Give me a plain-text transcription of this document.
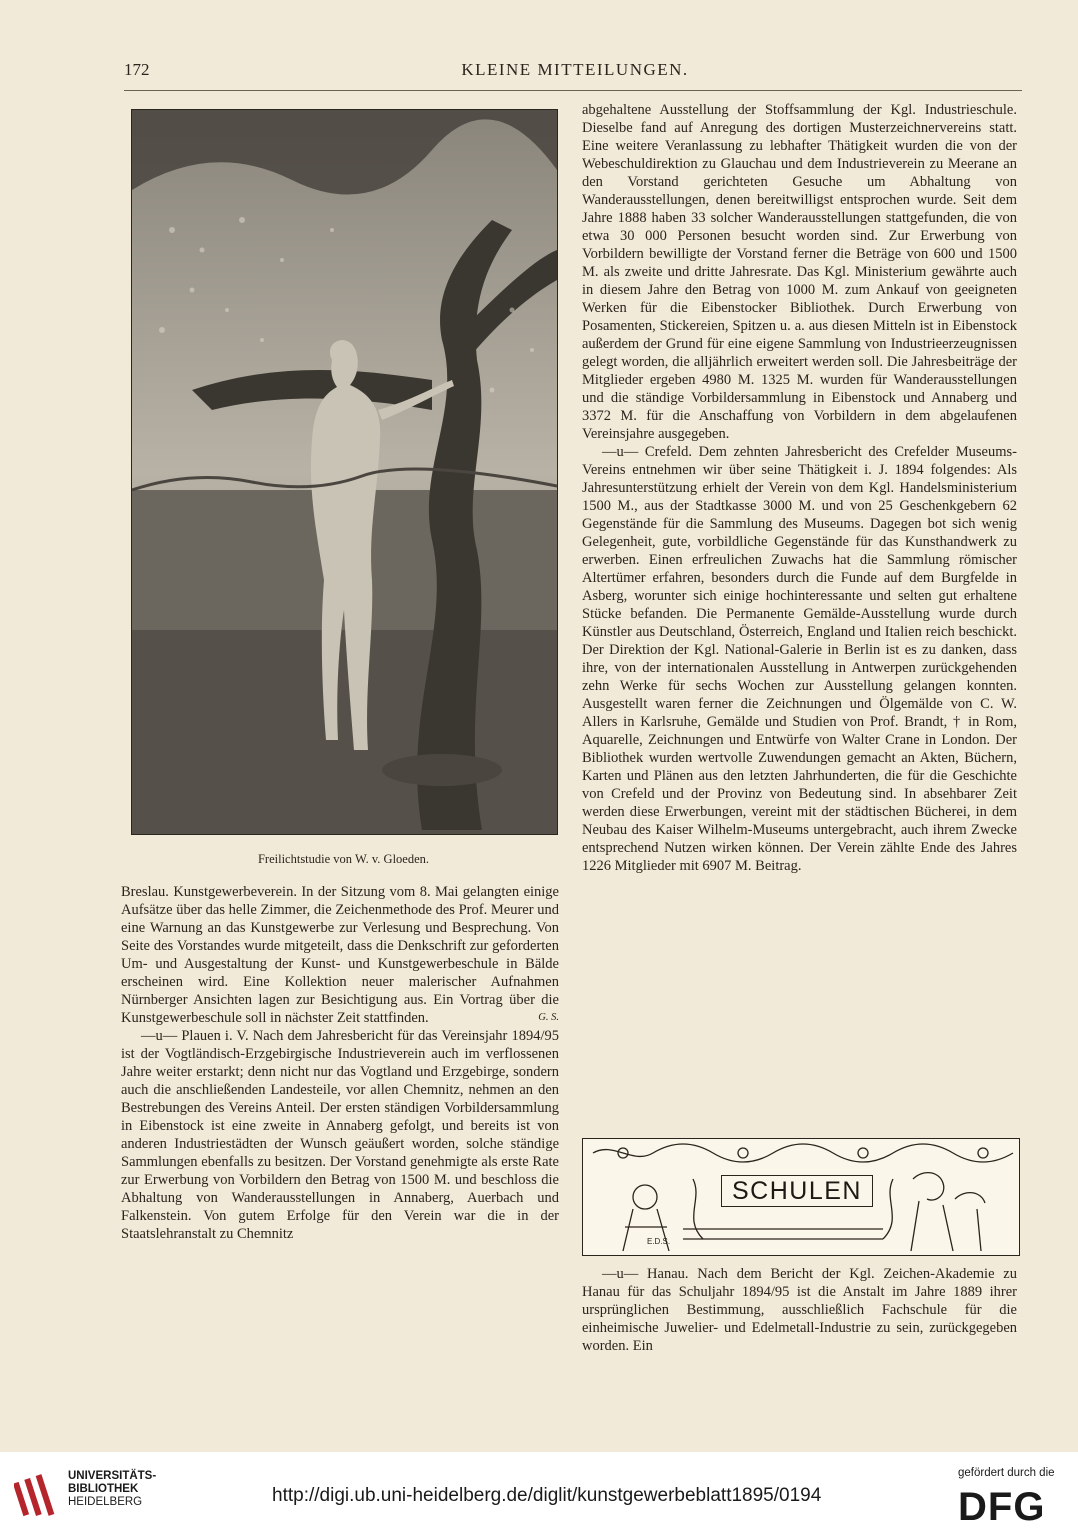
172	KLEINE MITTEILUNGEN.
Freilichtstudie von W. v. Gloeden.

Breslau. Kunstgewerbeverein. In der Sitzung vom 8. Mai gelangten einige Aufsätze über das helle Zimmer, die Zeichenmethode des Prof. Meurer und eine Warnung an das Kunstgewerbe zur Verlesung und Besprechung. Von Seite des Vorstandes wurde mitgeteilt, dass die Denkschrift zur geforderten Um- und Ausgestaltung der Kunst- und Kunstgewerbeschule in Bälde erscheinen wird. Eine Kollektion neuer malerischer Aufnahmen Nürnberger Ansichten lagen zur Besichtigung aus. Ein Vortrag über die Kunstgewerbeschule soll in nächster Zeit stattfinden.	G. S.

—u— Plauen i. V. Nach dem Jahresbericht für das Vereinsjahr 1894/95 ist der Vogtländisch-Erzgebirgische Industrieverein auch im verflossenen Jahre weiter erstarkt; denn nicht nur das Vogtland und Erzgebirge, sondern auch die anschließenden Landesteile, vor allen Chemnitz, nehmen an den Bestrebungen des Vereins Anteil. Der ersten ständigen Vorbildersammlung in Eibenstock ist eine zweite in Annaberg gefolgt, und bereits ist von anderen Industriestädten der Wunsch geäußert worden, solche ständige Sammlungen ebenfalls zu besitzen. Der Vorstand genehmigte als erste Rate zur Erwerbung von Vorbildern den Betrag von 1500 M. und beschloss die Abhaltung von Wanderausstellungen in Annaberg, Auerbach und Falkenstein. Von gutem Erfolge für den Verein war die in der Staatslehranstalt zu Chemnitz

abgehaltene Ausstellung der Stoffsammlung der Kgl. Industrieschule. Dieselbe fand auf Anregung des dortigen Musterzeichnervereins statt. Eine weitere Veranlassung zu lebhafter Thätigkeit wurden die von der Webeschuldirektion zu Glauchau und dem Industrieverein zu Meerane an den Vorstand gerichteten Gesuche um Abhaltung von Wanderausstellungen, denen bereitwilligst entsprochen wurde. Seit dem Jahre 1888 haben 33 solcher Wanderausstellungen stattgefunden, die von etwa 30 000 Personen besucht worden sind. Zur Erwerbung von Vorbildern bewilligte der Vorstand ferner die Beträge von 600 und 1500 M. als zweite und dritte Jahresrate. Das Kgl. Ministerium gewährte auch in diesem Jahre den Betrag von 1000 M. zum Ankauf von geeigneten Werken für die Eibenstocker Bibliothek. Durch Erwerbung von Posamenten, Stickereien, Spitzen u. a. aus diesen Mitteln ist in Eibenstock außerdem der Grund für eine eigene Sammlung von Industrieerzeugnissen gelegt worden, die alljährlich erweitert werden soll. Die Jahresbeiträge der Mitglieder ergeben 4980 M. 1325 M. wurden für Wanderausstellungen und die ständige Vorbildersammlung in Eibenstock und Annaberg und 3372 M. für die Anschaffung von Vorbildern in dem abgelaufenen Vereinsjahre ausgegeben.

—u— Crefeld. Dem zehnten Jahresbericht des Crefelder Museums-Vereins entnehmen wir über seine Thätigkeit i. J. 1894 folgendes: Als Jahresunterstützung erhielt der Verein von dem Kgl. Handelsministerium 1500 M., aus der Stadtkasse 3000 M. und von 25 Geschenkgebern 62 Gegenstände für die Sammlung des Museums. Dagegen bot sich wenig Gelegenheit, gute, vorbildliche Gegenstände für das Kunsthandwerk zu erwerben. Einen erfreulichen Zuwachs hat die Sammlung römischer Altertümer erfahren, besonders durch die Funde auf dem Burgfelde in Asberg, worunter sich einige hochinteressante und selten gut erhaltene Stücke befanden. Die Permanente Gemälde-Ausstellung wurde durch Künstler aus Deutschland, Österreich, England und Italien reich beschickt. Der Direktion der Kgl. National-Galerie in Berlin ist es zu danken, dass ihre, von der internationalen Ausstellung in Antwerpen zurückgehenden zehn Werke für sechs Wochen zur Ausstellung gelangen konnten. Ausgestellt waren ferner die Zeichnungen und Ölgemälde von C. W. Allers in Karlsruhe, Gemälde und Studien von Prof. Brandt, † in Rom, Aquarelle, Zeichnungen und Entwürfe von Walter Crane in London. Der Bibliothek wurden wertvolle Zuwendungen gemacht an Akten, Büchern, Karten und Plänen aus den letzten Jahrhunderten, die für die Geschichte von Crefeld und der Provinz von Bedeutung sind. In absehbarer Zeit werden diese Erwerbungen, vereint mit der städtischen Bücherei, in dem Neubau des Kaiser Wilhelm-Museums untergebracht, auch ihrem Zwecke entsprechend Nutzen wirken können. Der Verein zählte Ende des Jahres 1226 Mitglieder mit 6907 M. Beitrag.

SCHULEN
E.D.S.

—u— Hanau. Nach dem Bericht der Kgl. Zeichen-Akademie zu Hanau für das Schuljahr 1894/95 ist die Anstalt im Jahre 1889 ihrer ursprünglichen Bestimmung, ausschließlich Fachschule für die einheimische Juwelier- und Edelmetall-Industrie zu sein, zurückgegeben worden. Ein

UNIVERSITÄTS-
BIBLIOTHEK
HEIDELBERG	http://digi.ub.uni-heidelberg.de/diglit/kunstgewerbeblatt1895/0194
gefördert durch die
DFG
